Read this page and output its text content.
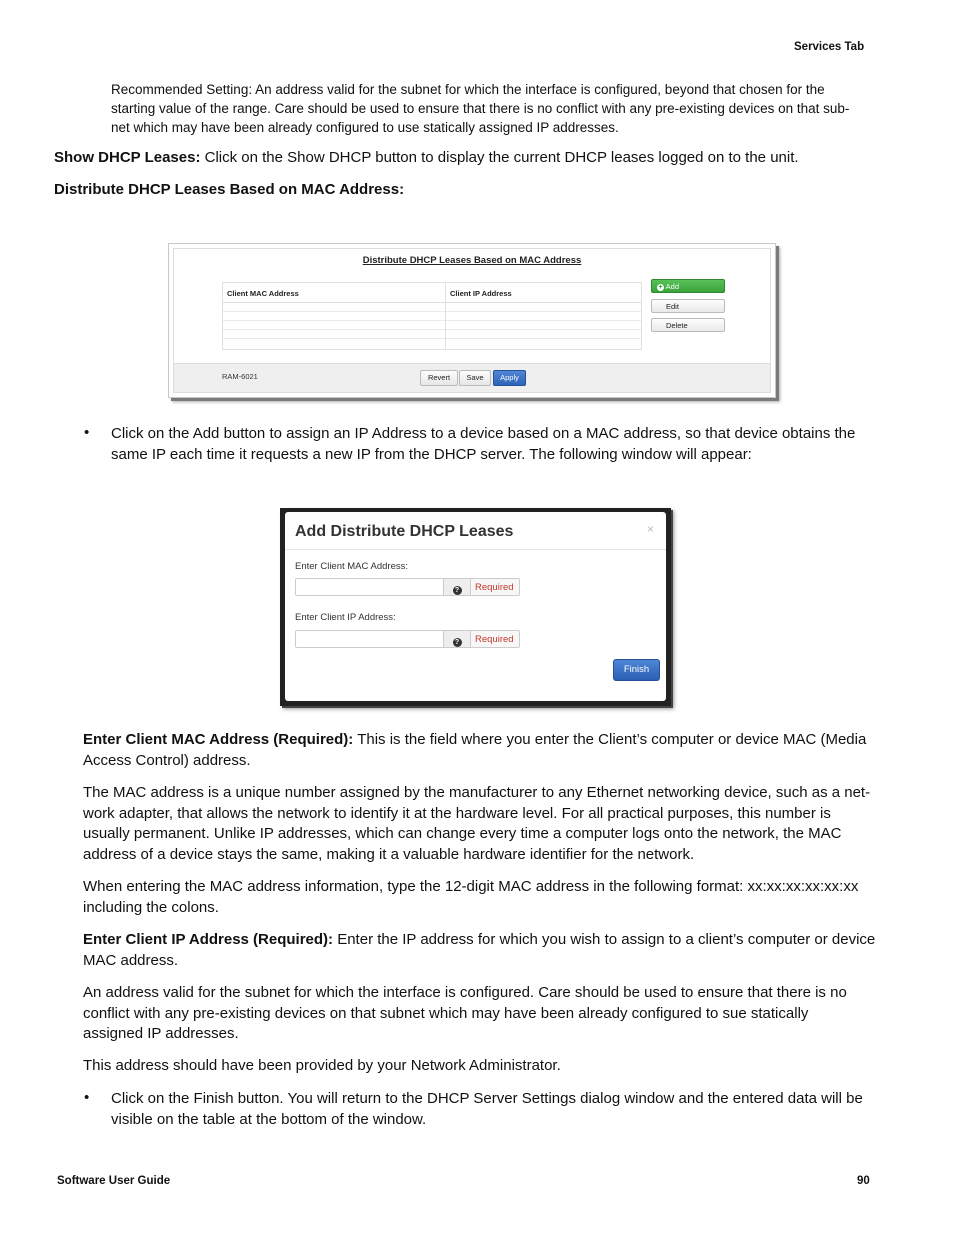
Services Tab
Recommended Setting: An address valid for the subnet for which the interface is configured, beyond that chosen for the
starting value of the range. Care should be used to ensure that there is no conflict with any pre-existing devices on that sub-
net which may have been already configured to use statically assigned IP addresses.
Show DHCP Leases: Click on the Show DHCP button to display the current DHCP leases logged on to the unit.
Distribute DHCP Leases Based on MAC Address:
Distribute DHCP Leases Based on MAC Address
Client MAC Address	Client IP Address
+ Add
Edit
Delete
RAM-6021	Revert	Save	Apply
• Click on the Add button to assign an IP Address to a device based on a MAC address, so that device obtains the
same IP each time it requests a new IP from the DHCP server. The following window will appear:
Add Distribute DHCP Leases	×
Enter Client MAC Address:
?	Required
Enter Client IP Address:
?	Required
Finish
Enter Client MAC Address (Required): This is the field where you enter the Client’s computer or device MAC (Media
Access Control) address.
The MAC address is a unique number assigned by the manufacturer to any Ethernet networking device, such as a net-
work adapter, that allows the network to identify it at the hardware level. For all practical purposes, this number is
usually permanent. Unlike IP addresses, which can change every time a computer logs onto the network, the MAC
address of a device stays the same, making it a valuable hardware identifier for the network.
When entering the MAC address information, type the 12-digit MAC address in the following format: xx:xx:xx:xx:xx:xx
including the colons.
Enter Client IP Address (Required): Enter the IP address for which you wish to assign to a client’s computer or device
MAC address.
An address valid for the subnet for which the interface is configured. Care should be used to ensure that there is no
conflict with any pre-existing devices on that subnet which may have been already configured to sue statically
assigned IP addresses.
This address should have been provided by your Network Administrator.
• Click on the Finish button. You will return to the DHCP Server Settings dialog window and the entered data will be
visible on the table at the bottom of the window.
Software User Guide	90
